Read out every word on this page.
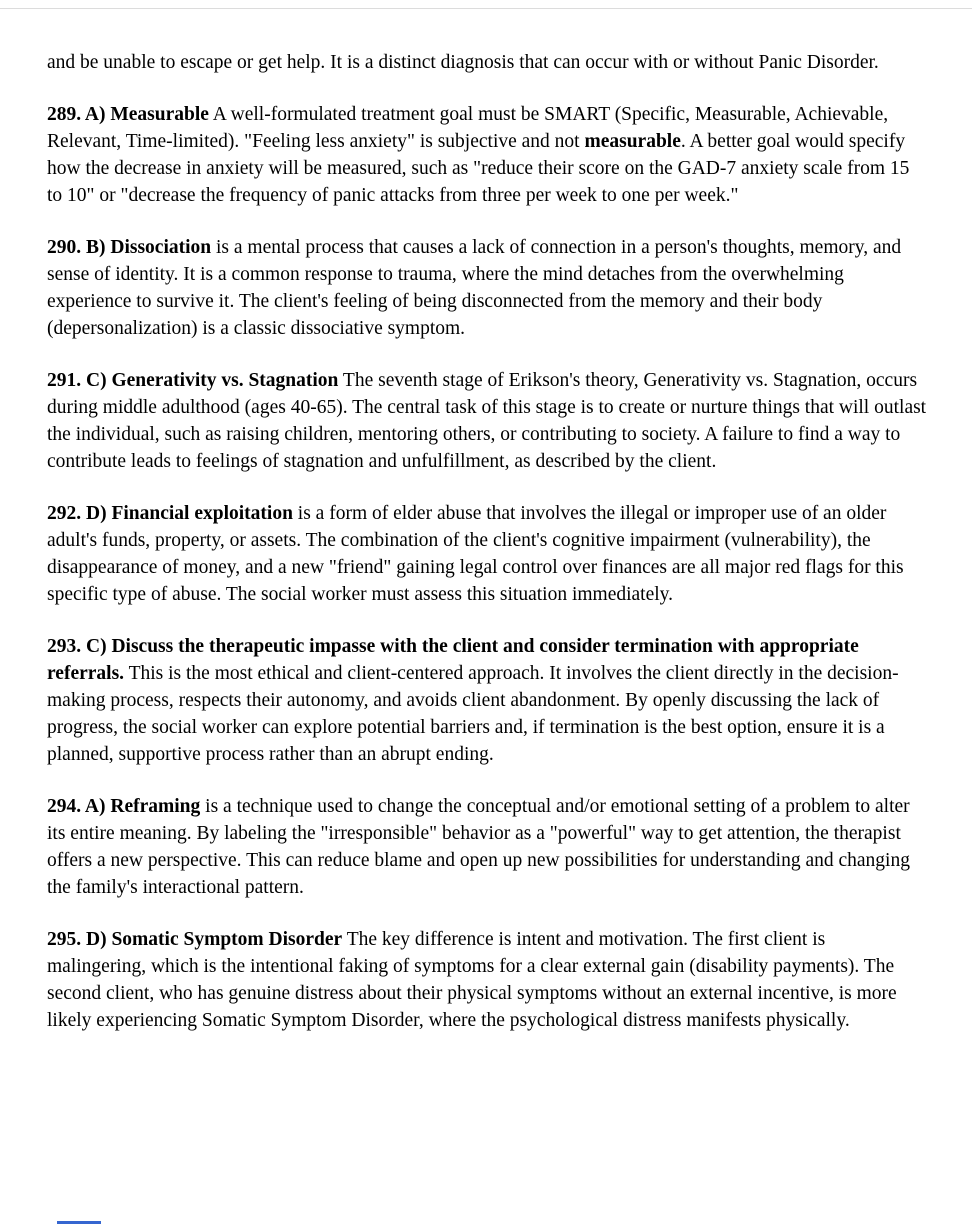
and be unable to escape or get help. It is a distinct diagnosis that can occur with or without Panic Disorder.

289. A) Measurable A well-formulated treatment goal must be SMART (Specific, Measurable, Achievable, Relevant, Time-limited). "Feeling less anxiety" is subjective and not measurable. A better goal would specify how the decrease in anxiety will be measured, such as "reduce their score on the GAD-7 anxiety scale from 15 to 10" or "decrease the frequency of panic attacks from three per week to one per week."

290. B) Dissociation is a mental process that causes a lack of connection in a person's thoughts, memory, and sense of identity. It is a common response to trauma, where the mind detaches from the overwhelming experience to survive it. The client's feeling of being disconnected from the memory and their body (depersonalization) is a classic dissociative symptom.

291. C) Generativity vs. Stagnation The seventh stage of Erikson's theory, Generativity vs. Stagnation, occurs during middle adulthood (ages 40-65). The central task of this stage is to create or nurture things that will outlast the individual, such as raising children, mentoring others, or contributing to society. A failure to find a way to contribute leads to feelings of stagnation and unfulfillment, as described by the client.

292. D) Financial exploitation is a form of elder abuse that involves the illegal or improper use of an older adult's funds, property, or assets. The combination of the client's cognitive impairment (vulnerability), the disappearance of money, and a new "friend" gaining legal control over finances are all major red flags for this specific type of abuse. The social worker must assess this situation immediately.

293. C) Discuss the therapeutic impasse with the client and consider termination with appropriate referrals. This is the most ethical and client-centered approach. It involves the client directly in the decision-making process, respects their autonomy, and avoids client abandonment. By openly discussing the lack of progress, the social worker can explore potential barriers and, if termination is the best option, ensure it is a planned, supportive process rather than an abrupt ending.

294. A) Reframing is a technique used to change the conceptual and/or emotional setting of a problem to alter its entire meaning. By labeling the "irresponsible" behavior as a "powerful" way to get attention, the therapist offers a new perspective. This can reduce blame and open up new possibilities for understanding and changing the family's interactional pattern.

295. D) Somatic Symptom Disorder The key difference is intent and motivation. The first client is malingering, which is the intentional faking of symptoms for a clear external gain (disability payments). The second client, who has genuine distress about their physical symptoms without an external incentive, is more likely experiencing Somatic Symptom Disorder, where the psychological distress manifests physically.
